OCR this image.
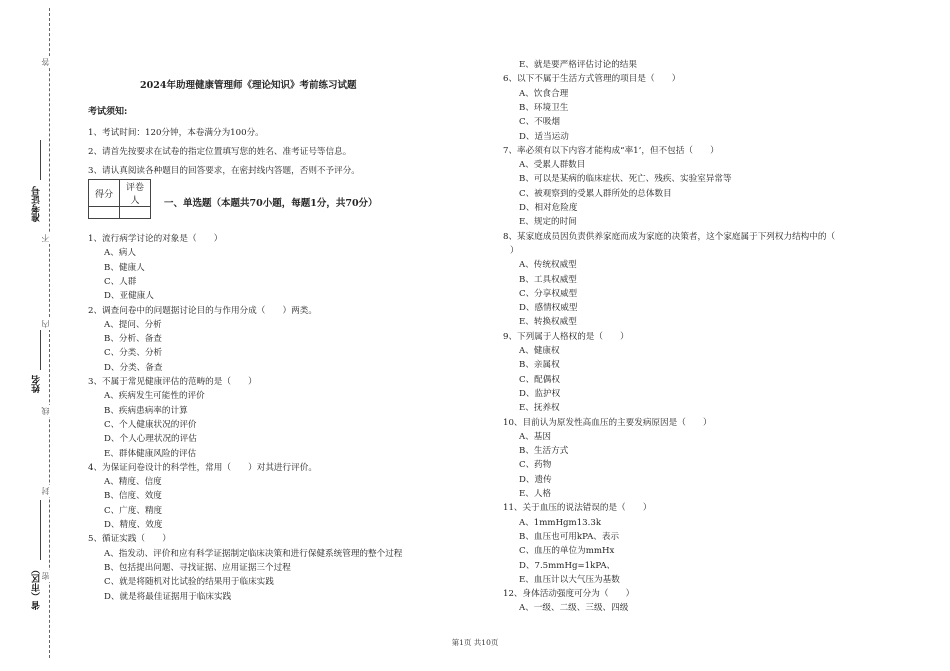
答
不
准考证号
内
姓名
线
封
密
省（市区）
2024年助理健康管理师《理论知识》考前练习试题
考试须知:
1、考试时间：120分钟，本卷满分为100分。
2、请首先按要求在试卷的指定位置填写您的姓名、准考证号等信息。
3、请认真阅读各种题目的回答要求，在密封线内答题，否则不予评分。
得分	评卷人
		一、单选题（本题共70小题，每题1分，共70分）
1、流行病学讨论的对象是（　　）
A、病人
B、健康人
C、人群
D、亚健康人
2、调查问卷中的问题据讨论目的与作用分成（　　）两类。
A、提问、分析
B、分析、备查
C、分类、分析
D、分类、备查
3、不属于常见健康评估的范畴的是（　　）
A、疾病发生可能性的评价
B、疾病患病率的计算
C、个人健康状况的评价
D、个人心理状况的评估
E、群体健康风险的评估
4、为保证问卷设计的科学性，常用（　　）对其进行评价。
A、精度、信度
B、信度、效度
C、广度、精度
D、精度、效度
5、循证实践（　　）
A、指发动、评价和应有科学证据制定临床决策和进行保健系统管理的整个过程
B、包括提出问题、寻找证据、应用证据三个过程
C、就是将随机对比试验的结果用于临床实践
D、就是将最佳证据用于临床实践
E、就是要严格评估讨论的结果
6、以下不属于生活方式管理的项目是（　　）
A、饮食合理
B、环境卫生
C、不吸烟
D、适当运动
7、率必须有以下内容才能构成“率1’，但不包括（　　）
A、受累人群数目
B、可以是某病的临床症状、死亡、残疾、实验室异常等
C、被观察到的受累人群所处的总体数目
D、相对危险度
E、规定的时间
8、某家庭成员因负责供养家庭而成为家庭的决策者，这个家庭属于下列权力结构中的（
）
A、传统权威型
B、工具权威型
C、分享权威型
D、感情权威型
E、转换权威型
9、下列属于人格权的是（　　）
A、健康权
B、亲属权
C、配偶权
D、监护权
E、抚养权
10、目前认为原发性高血压的主要发病原因是（　　）
A、基因
B、生活方式
C、药物
D、遗传
E、人格
11、关于血压的说法错误的是（　　）
A、1mmHgm13.3k
B、血压也可用kPA、表示
C、血压的单位为mmHx
D、7.5mmHg=1kPA、
E、血压计以大气压为基数
12、身体活动强度可分为（　　）
A、一级、二级、三级、四级
第1页 共10页
